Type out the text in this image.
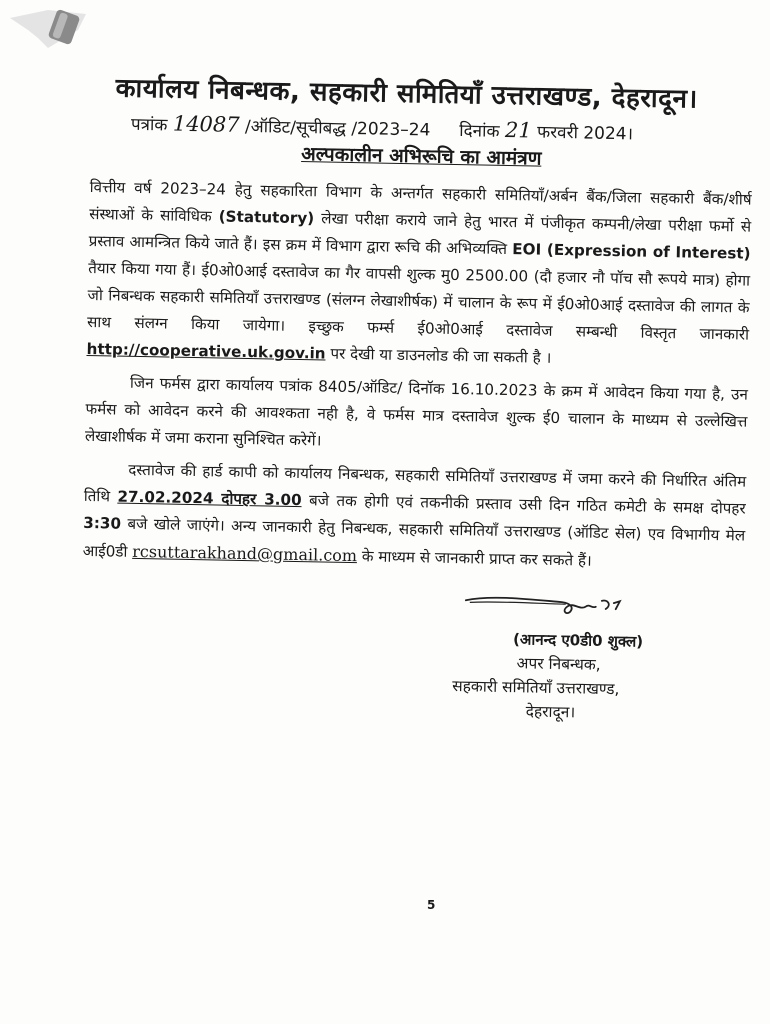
कार्यालय निबन्धक, सहकारी समितियाँ उत्तराखण्ड, देहरादून।
पत्रांक 14087 /ऑडिट/सूचीबद्ध /2023–24 दिनांक 21 फरवरी 2024।
अल्पकालीन अभिरूचि का आमंत्रण

वित्तीय वर्ष 2023–24 हेतु सहकारिता विभाग के अन्तर्गत सहकारी समितियॉं/अर्बन बैंक/जिला सहकारी बैंक/शीर्ष संस्थाओं के सांविधिक (Statutory) लेखा परीक्षा कराये जाने हेतु भारत में पंजीकृत कम्पनी/लेखा परीक्षा फर्मो से प्रस्ताव आमन्त्रित किये जाते हैं। इस क्रम में विभाग द्वारा रूचि की अभिव्यक्ति EOI (Expression of Interest) तैयार किया गया हैं। ई0ओ0आई दस्तावेज का गैर वापसी शुल्क मु0 2500.00 (दौ हजार नौ पॉच सौ रूपये मात्र) होगा जो निबन्धक सहकारी समितियॉं उत्तराखण्ड (संलग्न लेखाशीर्षक) में चालान के रूप में ई0ओ0आई दस्तावेज की लागत के साथ संलग्न किया जायेगा। इच्छुक फर्म्स ई0ओ0आई दस्तावेज सम्बन्धी विस्तृत जानकारी http://cooperative.uk.gov.in पर देखी या डाउनलोड की जा सकती है ।

जिन फर्मस द्वारा कार्यालय पत्रांक 8405/ऑडिट/ दिनॉक 16.10.2023 के क्रम में आवेदन किया गया है, उन फर्मस को आवेदन करने की आवश्कता नही है, वे फर्मस मात्र दस्तावेज शुल्क ई0 चालान के माध्यम से उल्लेखित्त लेखाशीर्षक में जमा कराना सुनिश्चित करेगें।

दस्तावेज की हार्ड कापी को कार्यालय निबन्धक, सहकारी समितियॉं उत्तराखण्ड में जमा करने की निर्धारित अंतिम तिथि 27.02.2024 दोपहर 3.00 बजे तक होगी एवं तकनीकी प्रस्ताव उसी दिन गठित कमेटी के समक्ष दोपहर 3:30 बजे खोले जाएंगे। अन्य जानकारी हेतु निबन्धक, सहकारी समितियॉं उत्तराखण्ड (ऑडिट सेल) एव विभागीय मेल आई0डी rcsuttarakhand@gmail.com के माध्यम से जानकारी प्राप्त कर सकते हैं।

(आनन्द ए0डी0 शुक्ल)
अपर निबन्धक,
सहकारी समितियॉं उत्तराखण्ड,
देहरादून।
5
